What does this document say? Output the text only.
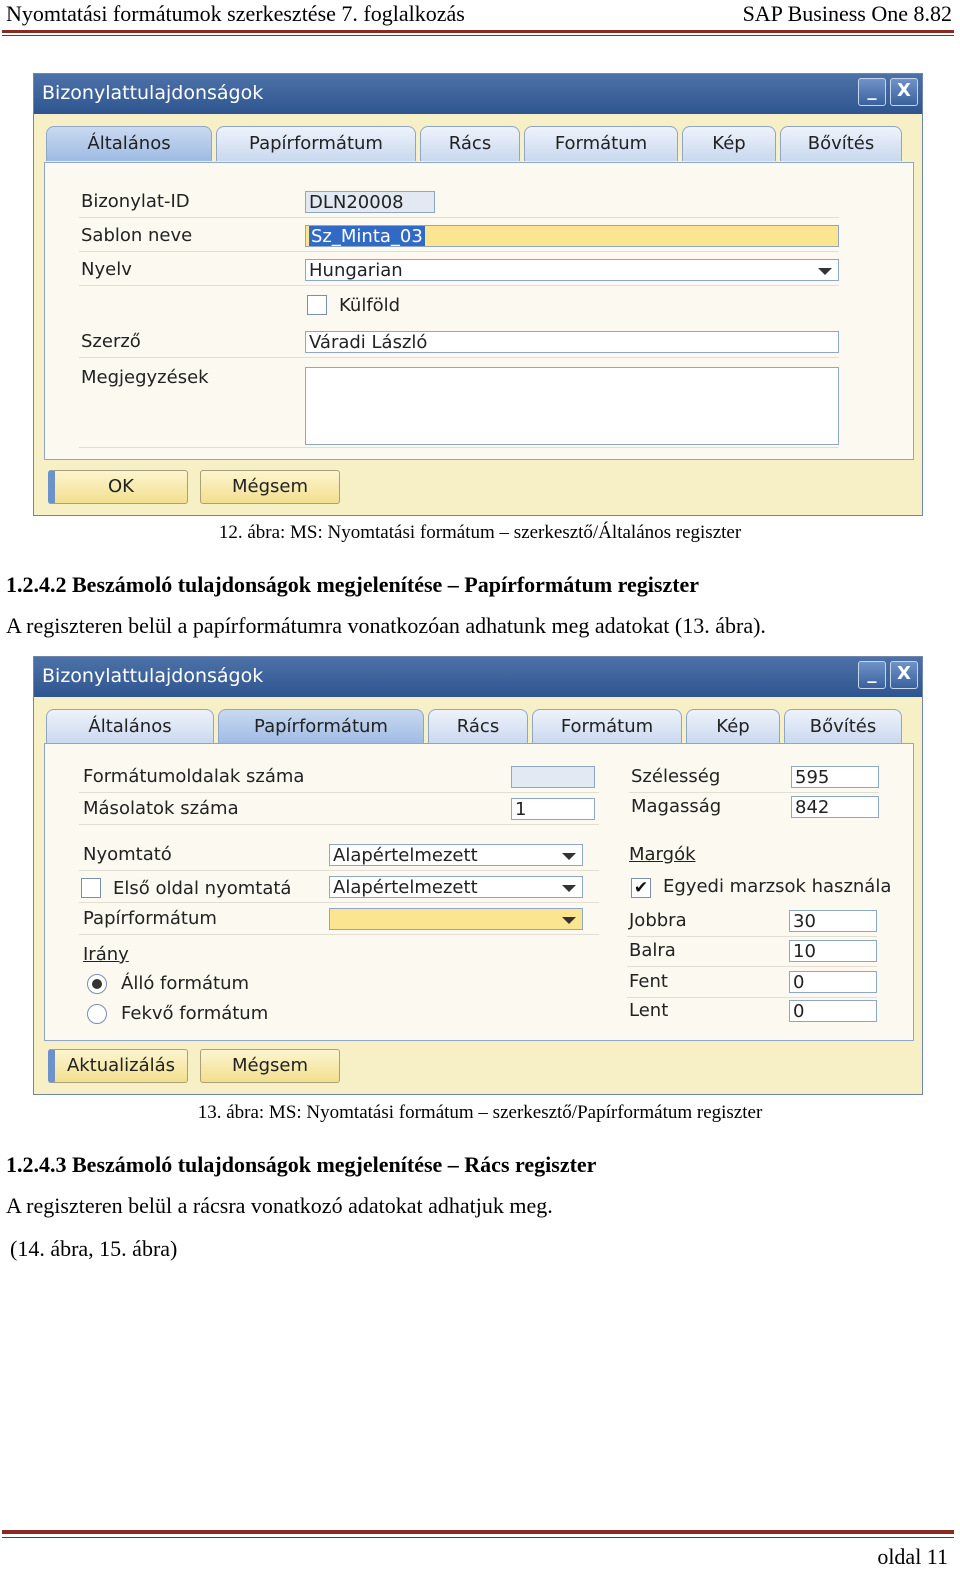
Nyomtatási formátumok szerkesztése 7. foglalkozás	SAP Business One 8.82
Bizonylattulajdonságok	_	X
Általános	Papírformátum	Rács	Formátum	Kép	Bővítés
Bizonylat-ID	DLN20008
Sablon neve	Sz_Minta_03
Nyelv	Hungarian
Külföld
Szerző	Váradi László
Megjegyzések
OK	Mégsem
12. ábra: MS: Nyomtatási formátum – szerkesztő/Általános regiszter
1.2.4.2 Beszámoló tulajdonságok megjelenítése – Papírformátum regiszter
A regiszteren belül a papírformátumra vonatkozóan adhatunk meg adatokat (13. ábra).
Bizonylattulajdonságok	_	X
Általános	Papírformátum	Rács	Formátum	Kép	Bővítés
Formátumoldalak száma
Másolatok száma	1
Nyomtató	Alapértelmezett
Első oldal nyomtatá	Alapértelmezett
Papírformátum
Irány
Álló formátum
Fekvő formátum
Szélesség	595
Magasság	842
Margók
✔ Egyedi marzsok használa
Jobbra	30
Balra	10
Fent	0
Lent	0
Aktualizálás	Mégsem
13. ábra: MS: Nyomtatási formátum – szerkesztő/Papírformátum regiszter
1.2.4.3 Beszámoló tulajdonságok megjelenítése – Rács regiszter
A regiszteren belül a rácsra vonatkozó adatokat adhatjuk meg.
(14. ábra, 15. ábra)
oldal 11
